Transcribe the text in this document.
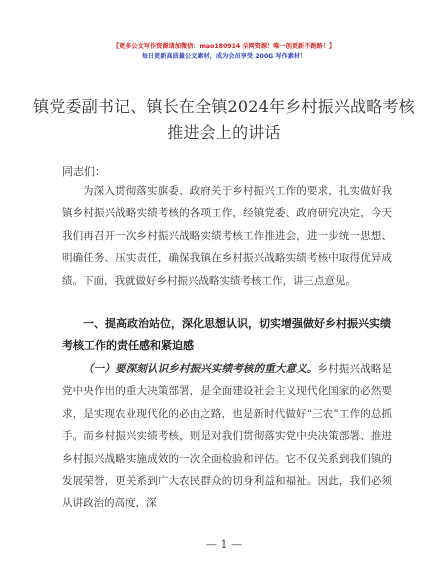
【更多公文写作资源请加微信：mao180914 全网资源！唯一创更新不跑路！】
每日更新高质量公文素材，成为会员享受 200G 写作素材！
镇党委副书记、镇长在全镇2024年乡村振兴战略考核推进会上的讲话
同志们：
为深入贯彻落实旗委、政府关于乡村振兴工作的要求，扎实做好我镇乡村振兴战略实绩考核的各项工作，经镇党委、政府研究决定，今天我们再召开一次乡村振兴战略实绩考核工作推进会，进一步统一思想、明确任务、压实责任，确保我镇在乡村振兴战略实绩考核中取得优异成绩。下面，我就做好乡村振兴战略实绩考核工作，讲三点意见。
一、提高政治站位，深化思想认识，切实增强做好乡村振兴实绩考核工作的责任感和紧迫感
（一）要深刻认识乡村振兴实绩考核的重大意义。乡村振兴战略是党中央作出的重大决策部署，是全面建设社会主义现代化国家的必然要求，是实现农业现代化的必由之路，也是新时代做好“三农”工作的总抓手。而乡村振兴实绩考核，则是对我们贯彻落实党中央决策部署、推进乡村振兴战略实施成效的一次全面检验和评估。它不仅关系到我们镇的发展荣誉，更关系到广大农民群众的切身利益和福祉。因此，我们必须从讲政治的高度，深
— 1 —
